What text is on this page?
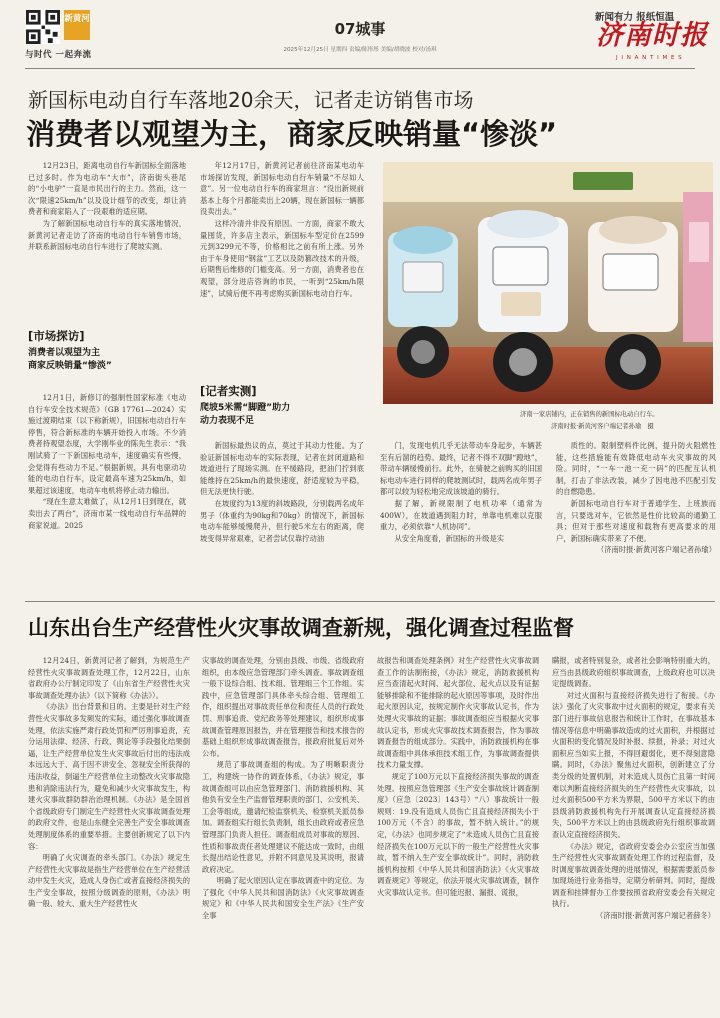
新黄河
与时代 一起奔流
07城事
2025年12月25日 星期四 责编/陈彤彤 美编/胡晓波 校对/汤琪
新闻有力 报纸恒温
济南时报
J I N A N T I M E S
新国标电动自行车落地20余天，记者走访销售市场
消费者以观望为主，商家反映销量“惨淡”

12月23日，距离电动自行车新国标全面落地已过多时。作为电动车“大市”，济南街头巷尾的“小电驴”一直是市民出行的主力。然而，这一次“限速25km/h”以及设计细节的改变，却让消费者和商家陷入了一段艰难的适应期。

为了解新国标电动自行车的真实落地情况，新黄河记者走访了济南的电动自行车销售市场，并联系新国标电动自行车进行了爬坡实测。

[市场探访]
消费者以观望为主
商家反映销量“惨淡”

12月1日，新修订的强制性国家标准《电动自行车安全技术规范》（GB 17761—2024）实施过渡期结束（以下称新规），旧国标电动自行车停售，符合新标准的车辆开始投入市场。不少消费者持观望态度，大学刚毕业的陈先生表示：“我刚试骑了一下新国标电动车，速度确实有些慢，会觉得有些动力不足。”根据新规，具有电驱动功能的电动自行车，设定最高车速为25km/h，如果超过该速度，电动车电机将停止动力输出。

“现在生意太难做了，从12月1日到现在，就卖出去了两台”，济南市某一线电动自行车品牌的商家说道。2025

年12月17日，新黄河记者前往济南某电动车市场探访发现，新国标电动自行车销量“不尽如人意”。另一位电动自行车的商家坦言：“没出新规前基本上每个月都能卖出上20辆，现在新国标一辆都没卖出去。”

这样冷清并非没有原因。一方面，商家不敢大量囤货，许多店主表示，新国标车型定价在2599元到3299元不等，价格相比之前有所上涨。另外由于车身使用“钢盆”工艺以及防篡改技术的升级，后期售后维修的门槛变高。另一方面，消费者也在观望，部分进店咨询的市民，一听到“25km/h限速”，试骑后便不再考虑购买新国标电动自行车。

[记者实测]
爬坡5米需“脚蹬”助力
动力表现不足

新国标最热议的点，莫过于其动力性能。为了验证新国标电动车的实际表现，记者在封闭道路和坡道进行了现场实测。在平缓路段，把油门拧到底能维持在25km/h的最快速度，舒适度较为平稳，但无法更快行驶。

在坡度约为13度的斜坡路段，分别载两名成年男子（体重约为90kg和70kg）的情况下，新国标电动车能够缓慢爬升，但行驶5米左右的距离，爬坡变得异常艰难，记者尝试仅靠拧动油

济南一家店铺内，正在销售的新国标电动自行车。
济南时报·新黄河客户端记者孙瑜　摄

门，发现电机几乎无法带动车身起步，车辆甚至有后溜的趋势。最终，记者不得不双脚“蹬地”，带动车辆缓慢前行。此外，在骑驶之前购买的旧国标电动车进行同样的爬坡测试时，载两名成年男子都可以较为轻松地完成该坡道的骑行。

据了解，新规限制了电机功率（通常为400W），在坡道遇到阻力时，单靠电机难以克服重力，必须依靠“人机协同”。

从安全角度看，新国标的升级是实

质性的。限制塑料件比例，提升防火阻燃性能，这些措施能有效降低电动车火灾事故的风险。同时，“一车一池一充一码”的匹配互认机制，打击了非法改装，减少了因电池不匹配引发的自燃隐患。

新国标电动自行车对于普通学生、上班族而言，只要选对车，它依然是性价比较高的通勤工具；但对于那些对速度和载物有更高要求的用户，新国标确实带来了不便。

（济南时报·新黄河客户端记者孙瑜）

山东出台生产经营性火灾事故调查新规，强化调查过程监督

12月24日，新黄河记者了解到，为规范生产经营性火灾事故调查处理工作，12月22日，山东省政府办公厅制定印发了《山东省生产经营性火灾事故调查处理办法》（以下简称《办法》）。

《办法》出台背景和目的。主要是针对生产经营性火灾事故多发频发的实际，通过强化事故调查处理，依法实施严肃行政处罚和严厉刑事追责，充分运用法律、经济、行政、舆论等手段强化结果倒逼，让生产经营单位发生火灾事故后付出的违法成本远远大于、高于因不讲安全、忽视安全所获得的违法收益，倒逼生产经营单位主动整改火灾事故隐患和消除违法行为，避免和减少火灾事故发生，构建火灾事故群防群治治理机制。《办法》是全国首个省级政府专门制定生产经营性火灾事故调查处理的政府文件，也是山东健全完善生产安全事故调查处理制度体系的重要举措。主要创新规定了以下内容：

明确了火灾调查的牵头部门。《办法》规定生产经营性火灾事故是指生产经营单位在生产经营活动中发生火灾，造成人身伤亡或者直接经济损失的生产安全事故，按照分级调查的原则，《办法》明确一般、较大、重大生产经营性火

灾事故的调查处理，分别由县级、市级、省级政府组织，由本级应急管理部门牵头调查。事故调查组一般下设综合组、技术组、管理组三个工作组。实践中，应急管理部门具体牵头综合组、管理组工作，组织提出对事故责任单位和责任人员的行政处罚、刑事追责、党纪政务等处理建议，组织形成事故调查管理原因报告，并在管理报告和技术报告的基础上组织形成事故调查报告，报政府批复后对外公布。

规范了事故调查组的构成。为了明晰职责分工，构建统一协作的调查体系，《办法》规定，事故调查组可以由应急管理部门、消防救援机构、其他负有安全生产监督管理职责的部门、公安机关、工会等组成，邀请纪检监察机关、检察机关派员参加。调查组实行组长负责制，组长由政府或者应急管理部门负责人担任。调查组成员对事故的原因、性质和事故责任者处理建议不能达成一致时，由组长提出结论性意见，并附不同意见及其说明，报请政府决定。

明确了起火原因认定在事故调查中的定位。为了强化《中华人民共和国消防法》《火灾事故调查规定》和《中华人民共和国安全生产法》《生产安全事

故报告和调查处理条例》对生产经营性火灾事故调查工作的法制衔接，《办法》规定，消防救援机构应当查清起火时间、起火部位、起火点以及有证据能够排除和不能排除的起火原因等事项，及时作出起火原因认定，按规定制作火灾事故认定书，作为处理火灾事故的证据；事故调查组应当根据火灾事故认定书，形成火灾事故技术调查报告，作为事故调查报告的组成部分。实践中，消防救援机构在事故调查组中具体承担技术组工作，为事故调查提供技术力量支撑。

规定了100万元以下直接经济损失事故的调查处理。按照应急管理部《生产安全事故统计调查制度》（应急〔2023〕143号）“八）事故统计一般规则：19.没有造成人员伤亡且直接经济损失小于100万元（不含）的事故，暂不纳入统计。”的规定，《办法》也同步规定了“未造成人员伤亡且直接经济损失在100万元以下的一般生产经营性火灾事故，暂不纳入生产安全事故统计”。同时，消防救援机构按照《中华人民共和国消防法》《火灾事故调查规定》等规定，依法开展火灾事故调查，制作火灾事故认定书。但可能迟报、漏报、谎报，

瞒报，或者特别复杂，或者社会影响特别重大的，应当由县级政府组织事故调查，上级政府也可以决定提级调查。

对过火面积与直接经济损失进行了衔接。《办法》强化了火灾事故中过火面积的规定，要求有关部门进行事故信息报告和统计工作时，在事故基本情况等信息中明确事故造成的过火面积，并根据过火面积的变化情况及时补报、续报，补录；对过火面积应当如实上报，不得回避弱化，更不得刻意隐瞒。同时，《办法》聚焦过火面积，创新建立了分类分级的处置机制，对未造成人员伤亡且第一时间难以判断直接经济损失的生产经营性火灾事故，以过火面积500平方米为界限，500平方米以下的由县级消防救援机构先行开展调查认定直接经济损失，500平方米以上的由县级政府先行组织事故调查认定直接经济损失。

《办法》规定，省政府安委会办公室应当加强生产经营性火灾事故调查处理工作的过程监督，及时调度事故调查处理的进展情况，根据需要派员参加现场进行业务指导，定期分析研判。同时，提级调查和挂牌督办工作要按照省政府安委会有关规定执行。

（济南时报·新黄河客户端记者薛冬）
